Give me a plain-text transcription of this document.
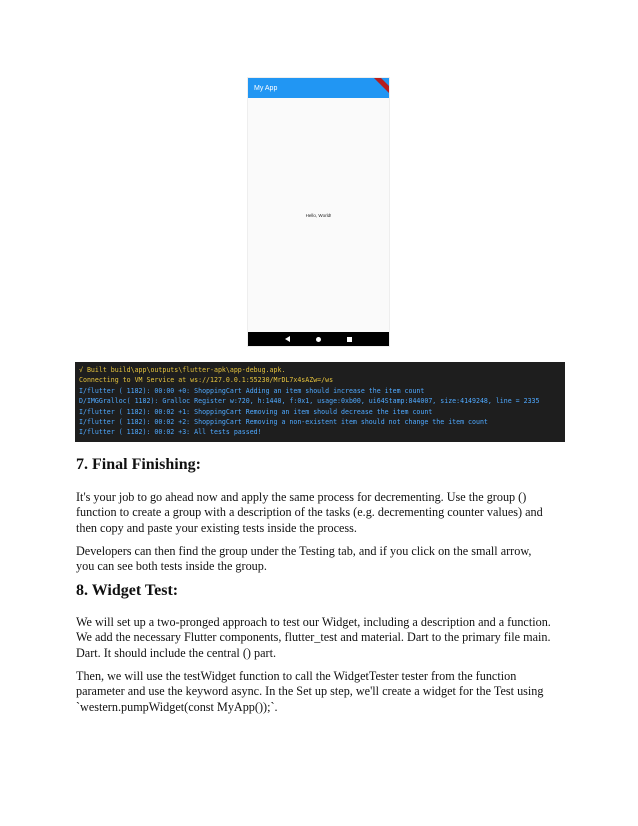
My App
Hello, World!
√ Built build\app\outputs\flutter-apk\app-debug.apk.
Connecting to VM Service at ws://127.0.0.1:55230/MrDL7x4sAZw=/ws
I/flutter ( 1182): 00:00 +0: ShoppingCart Adding an item should increase the item count
D/IMGGralloc( 1182): Gralloc Register w:720, h:1440, f:0x1, usage:0xb00, ui64Stamp:844007, size:4149248, line = 2335
I/flutter ( 1182): 00:02 +1: ShoppingCart Removing an item should decrease the item count
I/flutter ( 1182): 00:02 +2: ShoppingCart Removing a non-existent item should not change the item count
I/flutter ( 1182): 00:02 +3: All tests passed!
7. Final Finishing:

It's your job to go ahead now and apply the same process for decrementing. Use the group ()
function to create a group with a description of the tasks (e.g. decrementing counter values) and
then copy and paste your existing tests inside the process.

Developers can then find the group under the Testing tab, and if you click on the small arrow,
you can see both tests inside the group.

8. Widget Test:

We will set up a two-pronged approach to test our Widget, including a description and a function.
We add the necessary Flutter components, flutter_test and material. Dart to the primary file main.
Dart. It should include the central () part.

Then, we will use the testWidget function to call the WidgetTester tester from the function
parameter and use the keyword async. In the Set up step, we'll create a widget for the Test using
`western.pumpWidget(const MyApp());`.
